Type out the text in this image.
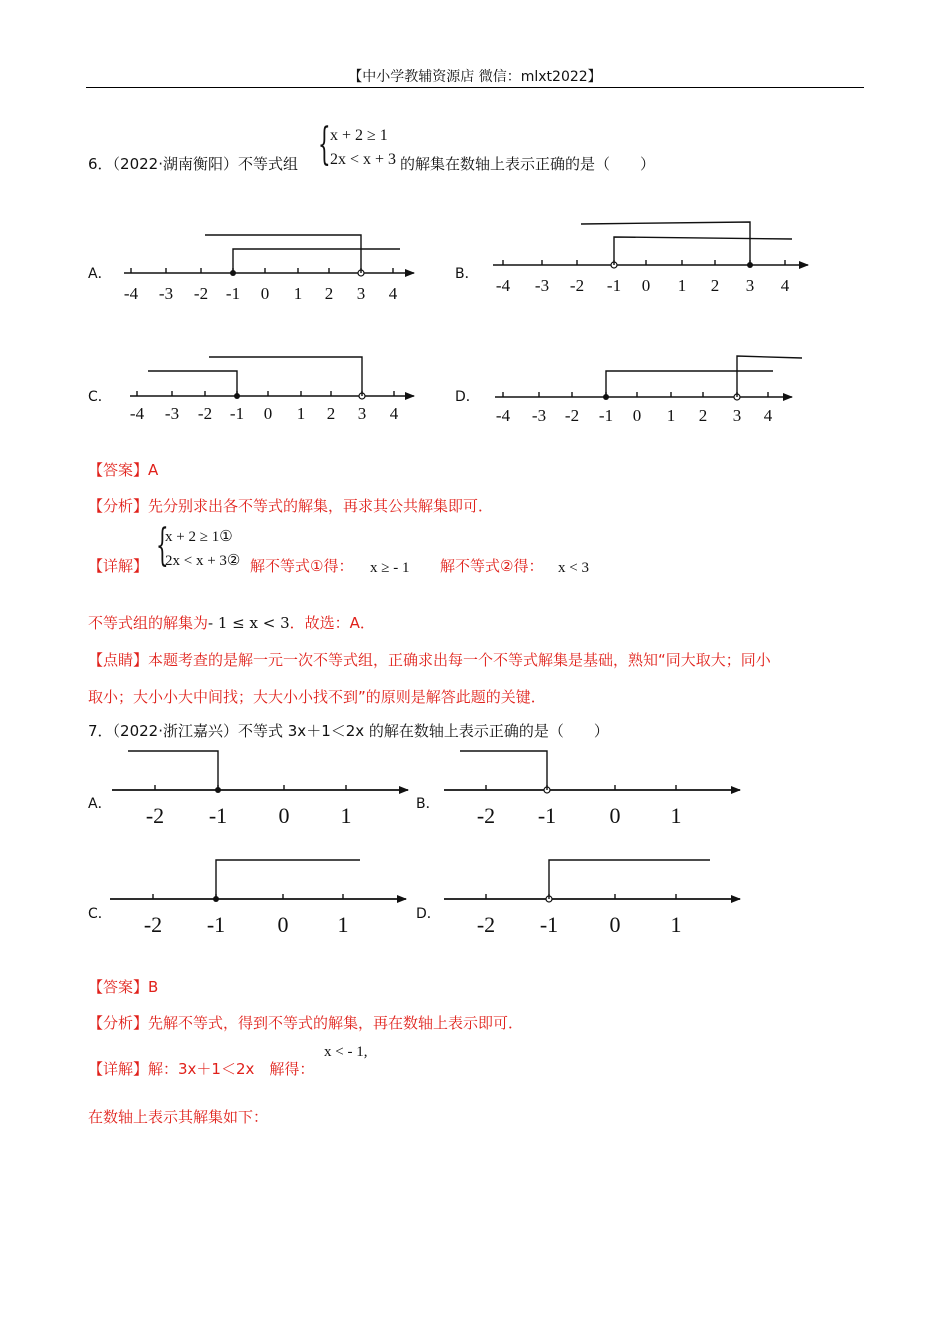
【中小学教辅资源店 微信：mlxt2022】
6．（2022·湖南衡阳）不等式组 { x + 2 ≥ 1
2x < x + 3 的解集在数轴上表示正确的是（　　）
A．	B．
C．	D．
-4 -3 -2 -1 0 1 2 3 4	-4 -3 -2 -1 0 1 2 3 4
-4 -3 -2 -1 0 1 2 3 4	-4 -3 -2 -1 0 1 2 3 4
-2 -1 0 1	-2 -1 0 1
-2 -1 0 1	-2 -1 0 1
【答案】A
【分析】先分别求出各不等式的解集，再求其公共解集即可．
【详解】 {
x + 2 ≥ 1①
2x < x + 3② 解不等式①得： x ≥ - 1 解不等式②得： x < 3
不等式组的解集为- 1 ≤ x < 3．故选：A．
【点睛】本题考查的是解一元一次不等式组，正确求出每一个不等式解集是基础，熟知“同大取大；同小
取小；大小小大中间找；大大小小找不到”的原则是解答此题的关键．
7．（2022·浙江嘉兴）不等式 3x＋1＜2x 的解在数轴上表示正确的是（　　）
A．	B．
C．	D．
【答案】B
【分析】先解不等式，得到不等式的解集，再在数轴上表示即可．
【详解】解：3x＋1＜2x　解得：
x < - 1,
在数轴上表示其解集如下：
